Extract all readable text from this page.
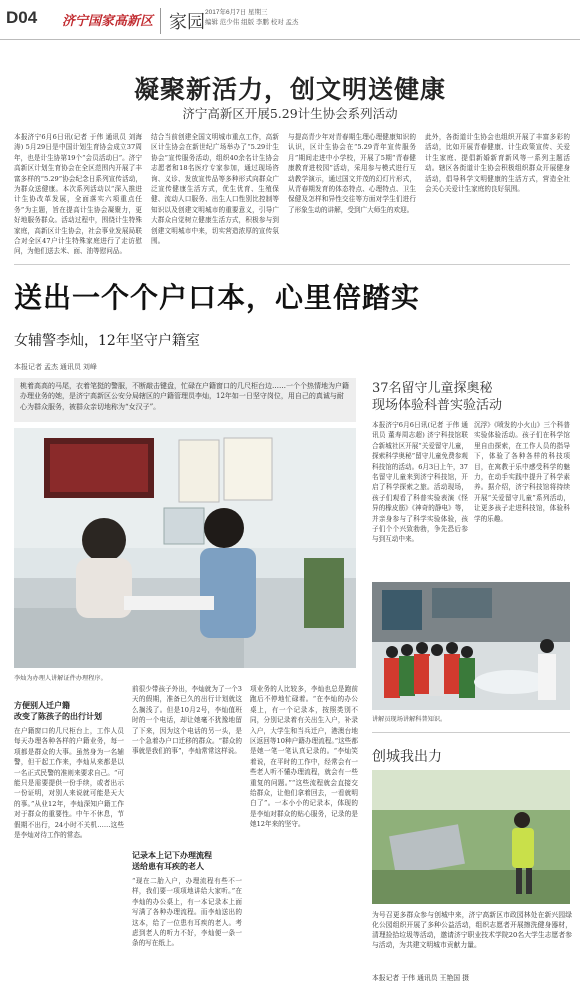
D04 济宁国家高新区 家园 2017年6月7日 星期三
编辑 范少伟 组版 李鹏 校对 孟杰
凝聚新活力，创文明送健康
济宁高新区开展5.29计生协会系列活动
本报济宁6月6日讯(记者 于伟 通讯员 刘海涛) 5月29日是中国计划生育协会成立37周年，也是计生协第19个“会员活动日”。济宁高新区计划生育协会在全区范围内开展了丰富多样的“5.29”协会纪念日系列宣传活动，为群众送健康。本次系列活动以“深入推进计生协改革发展，全面落实六项重点任务”为主题，旨在提高计生协会凝聚力，更好地服务群众。活动过程中，围绕计生特殊家庭，高新区计生协会，社会事业发展局联合对全区47户计生特殊家庭进行了走访慰问，为他们送去米、面、油等慰问品。
结合当前创建全国文明城市重点工作，高新区计生协会在新世纪广场举办了“5.29计生协会”宣传服务活动，组织40余名计生协会志愿者和18名医疗专家参加，通过现场咨询、义诊、发放宣传品等多种形式向群众广泛宣传健康生活方式，优生优育、生殖保健、流动人口服务、出生人口性别比控制等知识以及创建文明城市的重要意义，引导广大群众自觉树立健康生活方式，积极参与到创建文明城市中来，切实营造浓厚的宣传氛围。
与提高青少年对青春期生理心理健康知识的认识，区计生协会在“5.29青年宣传服务月”期间走进中小学校，开展了5期“青春健康教育进校园”活动，采用参与模式进行互动教学演示，通过国文并茂的幻灯片形式，从青春期发育的体态特点、心理特点、卫生保健及怎样和异性交往等方面对学生们进行了形象生动的讲解，受到广大师生的欢迎。
此外，各街道计生协会也组织开展了丰富多彩的活动，比如开展青春健康、计生政策宣传、关爱计生家庭、提倡新婚新育新风等一系列主题活动。辖区各街道计生协会积极组织群众开展健身活动，倡导科学文明健康的生活方式，营造全社会关心关爱计生家庭的良好氛围。
送出一个个户口本，心里倍踏实
女辅警李灿，12年坚守户籍室
本报记者 孟杰 通讯员 刘峰
桃着高高的马尾，衣着笔挺的警服，不断敲击键盘，忙碌在户籍窗口的几尺柜台边……一个个热情地为户籍办理业务的她，是济宁高新区公安分局辖区的户籍管理员李灿，12年如一日坚守岗位，用自己的真诚与耐心为群众服务，被群众亲切地称为“女汉子”。
李灿为办理人讲解证件办理程序。
方便别人迁户籍
改变了陈孩子的出行计划
在户籍窗口的几尺柜台上，工作人员每天办理各种各样的户籍业务，每一项都是群众的大事。虽然身为一名辅警，但干起工作来，李灿从来都是以一名正式民警的准则来要求自己。“可能只是需要提供一份手续，或者出示一份证明，对别人来说就可能是天大的事。”从业12年，李灿深知户籍工作对于群众的重要性。中午不休息，节假期不出行，24小时不关机……这些是李灿对待工作的常态。
前很少带孩子外出，李灿就为了一个3天的假期，准备已久的出行计划就这么搁浅了。但是10月2号，李灿值班时的一个电话，却让她毫不犹豫地留了下来，因为这个电话的另一头，是一个急着办户口迁移的群众。“群众的事就是我们的事”，李灿常常这样说。
记录本上记下办理流程
送给患有耳疾的老人
“现在二胎入户，办理流程有些不一样，我们要一项项地讲给大家听。”在李灿的办公桌上，有一本记录本上面写满了各种办理流程。而李灿送出的这本，给了一位患有耳疾的老人。考虑到老人的听力不好，李灿便一条一条的写在纸上。
项业务的人比较多，李灿也总是跑前跑后不停地忙碌着。“在李灿的办公桌上，有一个记录本，按照类别不同，分别记录着有关出生入户，补录入户，大学生和当兵迁户，港澳台地区返回等10种户籍办理流程。”这些都是她一笔一笔认真记录的。“李灿笑着说，在平时的工作中，经常会有一些老人听不懂办理流程，就会有一些重复的问题。”“这些流程就会直接交给群众，让他们拿着回去，一看就明白了”。一本小小的记录本，体现的是李灿对群众的贴心服务，记录的是她12年来的坚守。
37名留守儿童探奥秘
现场体验科普实验活动
本报济宁6月6日讯(记者 于伟 通讯员 董寿周志超) 济宁科技馆联合新城社区开展“关爱留守儿童，探索科学奥秘”留守儿童免费参观科技馆的活动。6月3日上午，37名留守儿童来到济宁科技馆，开启了科学探索之旅。活动现场，孩子们观看了科普实验表演《怪异的橡皮筋》《神奇的静电》等，并亲身参与了科学实验体验，孩子们个个兴致勃勃，争先恐后参与到互动中来。
沉浮》《喷发的小火山》三个科普实验体验活动。孩子们在科学馆里自由探索，在工作人员的指导下，体验了各种各样的科技项目，在寓教于乐中感受科学的魅力，在动手实践中提升了科学素养。据介绍，济宁科技馆将持续开展“关爱留守儿童”系列活动，让更多孩子走进科技馆，体验科学的乐趣。
讲解员现场讲解科普知识。
创城我出力
为号召更多群众参与创城中来，济宁高新区市政园林处在新兴园绿化公园组织开展了多种公益活动，组织志愿者开展擦洗健身器材，清理捡拾垃圾等活动，邀请济宁职业技术学院20名大学生志愿者参与活动，为共建文明城市贡献力量。
本报记者 于伟 通讯员 王艳国 摄
